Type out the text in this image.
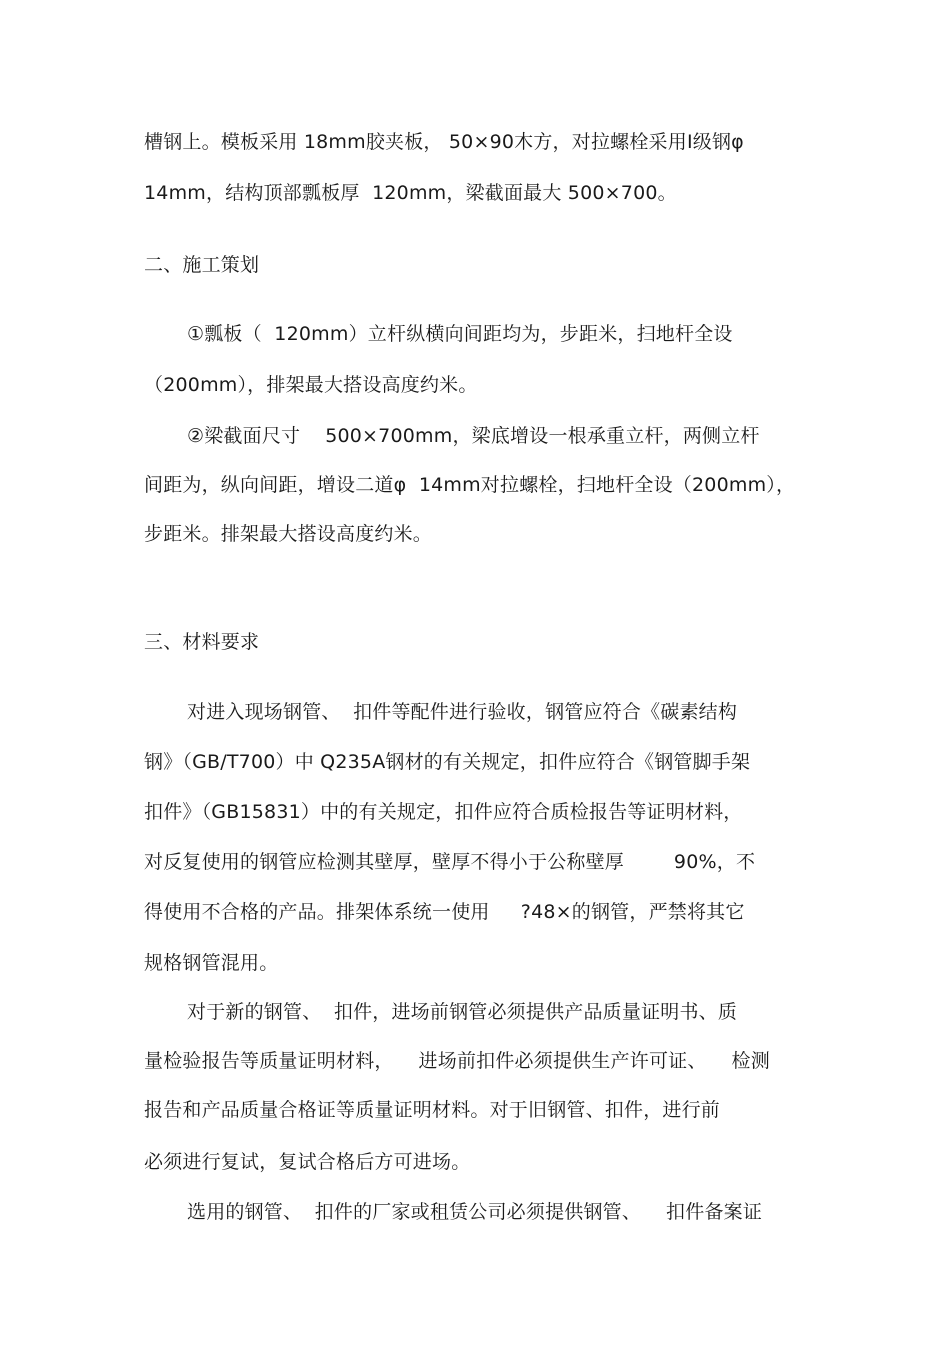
槽钢上。模板采用 18mm胶夹板， 50×90木方，对拉螺栓采用Ⅰ级钢φ
14mm，结构顶部瓢板厚  120mm，梁截面最大 500×700。
二、施工策划
①瓢板（  120mm）立杆纵横向间距均为，步距米，扫地杆全设
（200mm），排架最大搭设高度约米。
②梁截面尺寸    500×700mm，梁底增设一根承重立杆，两侧立杆
间距为，纵向间距，增设二道φ  14mm对拉螺栓，扫地杆全设（200mm），
步距米。排架最大搭设高度约米。
三、材料要求
对进入现场钢管、  扣件等配件进行验收，钢管应符合《碳素结构
钢》（GB/T700）中 Q235A钢材的有关规定，扣件应符合《钢管脚手架
扣件》（GB15831）中的有关规定，扣件应符合质检报告等证明材料，
对反复使用的钢管应检测其壁厚，壁厚不得小于公称壁厚        90%，不
得使用不合格的产品。排架体系统一使用     ?48×的钢管，严禁将其它
规格钢管混用。
对于新的钢管、  扣件，进场前钢管必须提供产品质量证明书、质
量检验报告等质量证明材料，    进场前扣件必须提供生产许可证、    检测
报告和产品质量合格证等质量证明材料。对于旧钢管、扣件，进行前
必须进行复试，复试合格后方可进场。
选用的钢管、  扣件的厂家或租赁公司必须提供钢管、    扣件备案证
